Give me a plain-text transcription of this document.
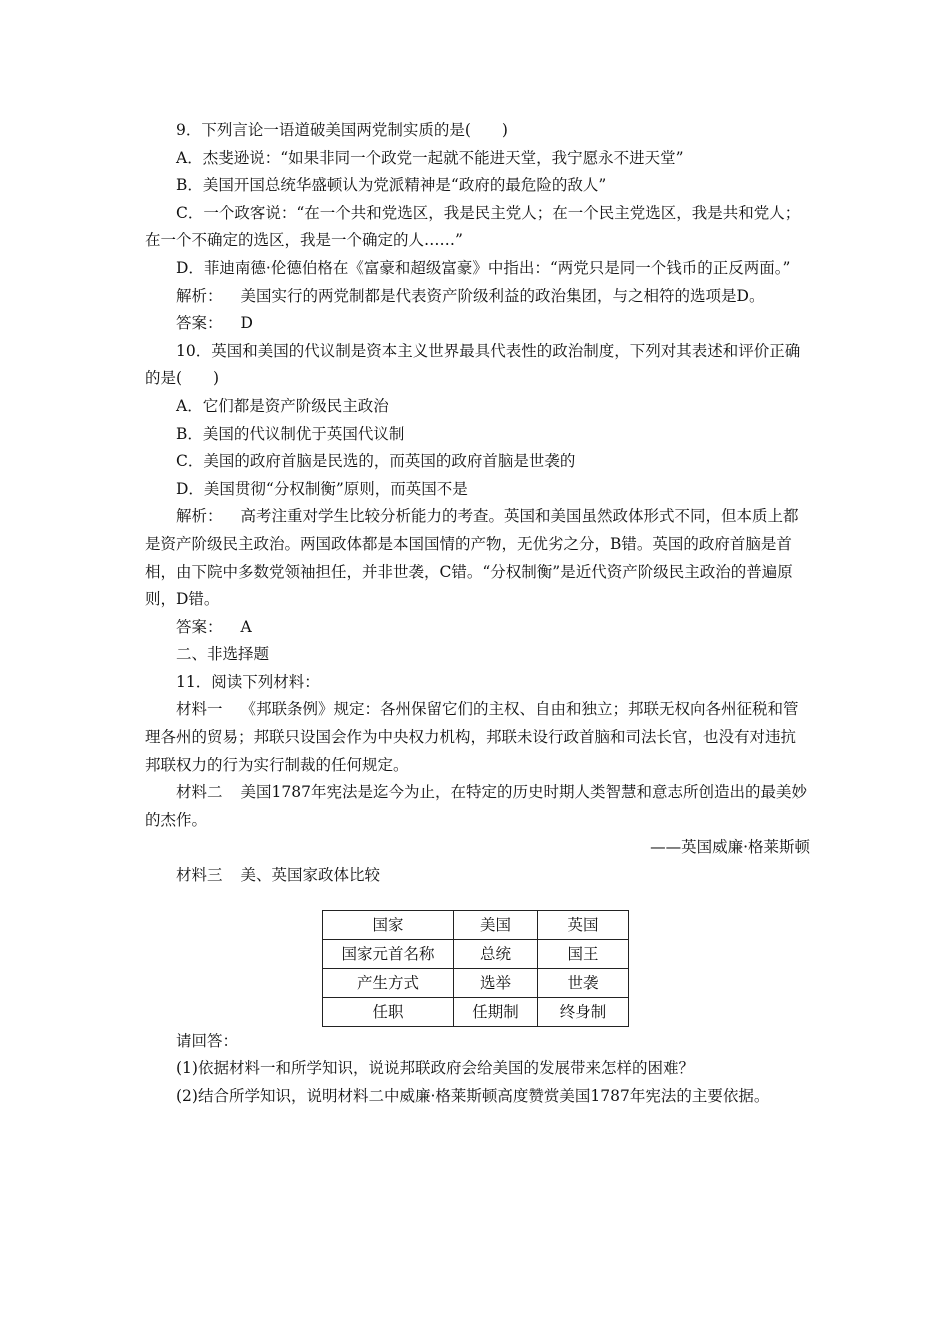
9．下列言论一语道破美国两党制实质的是(　　)

A．杰斐逊说：“如果非同一个政党一起就不能进天堂，我宁愿永不进天堂”

B．美国开国总统华盛顿认为党派精神是“政府的最危险的敌人”

C．一个政客说：“在一个共和党选区，我是民主党人；在一个民主党选区，我是共和党人；在一个不确定的选区，我是一个确定的人……”

D．菲迪南德·伦德伯格在《富豪和超级富豪》中指出：“两党只是同一个钱币的正反两面。”

解析： 美国实行的两党制都是代表资产阶级利益的政治集团，与之相符的选项是D。

答案： D

10．英国和美国的代议制是资本主义世界最具代表性的政治制度，下列对其表述和评价正确的是(　　)

A．它们都是资产阶级民主政治

B．美国的代议制优于英国代议制

C．美国的政府首脑是民选的，而英国的政府首脑是世袭的

D．美国贯彻“分权制衡”原则，而英国不是

解析： 高考注重对学生比较分析能力的考查。英国和美国虽然政体形式不同，但本质上都是资产阶级民主政治。两国政体都是本国国情的产物，无优劣之分，B错。英国的政府首脑是首相，由下院中多数党领袖担任，并非世袭，C错。“分权制衡”是近代资产阶级民主政治的普遍原则，D错。

答案： A

二、非选择题

11．阅读下列材料：

材料一 《邦联条例》规定：各州保留它们的主权、自由和独立；邦联无权向各州征税和管理各州的贸易；邦联只设国会作为中央权力机构，邦联未设行政首脑和司法长官，也没有对违抗邦联权力的行为实行制裁的任何规定。

材料二 美国1787年宪法是迄今为止，在特定的历史时期人类智慧和意志所创造出的最美妙的杰作。

——英国威廉·格莱斯顿

材料三 美、英国家政体比较

国家	美国	英国
国家元首名称	总统	国王
产生方式	选举	世袭
任职	任期制	终身制

请回答：

(1)依据材料一和所学知识，说说邦联政府会给美国的发展带来怎样的困难？

(2)结合所学知识，说明材料二中威廉·格莱斯顿高度赞赏美国1787年宪法的主要依据。
